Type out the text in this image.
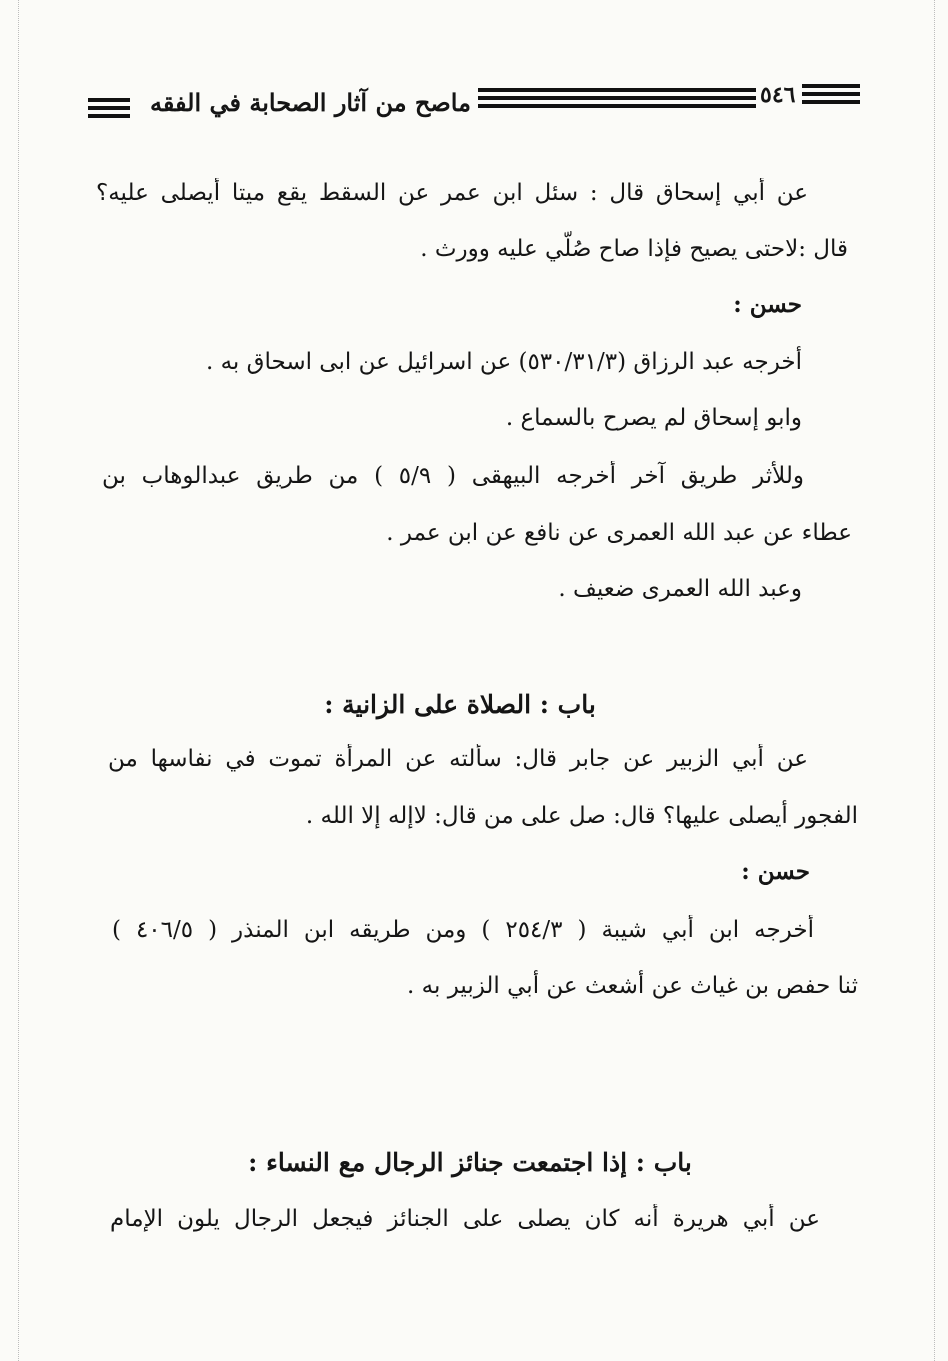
٥٤٦
ماصح من آثار الصحابة في الفقه
عن أبي إسحاق قال : سئل ابن عمر عن السقط يقع ميتا أيصلى عليه؟
قال :لاحتى يصيح فإذا صاح صُلّي عليه وورث .
حسن :
أخرجه عبد الرزاق (٥٣٠/٣١/٣) عن اسرائيل عن ابى اسحاق به .
وابو إسحاق لم يصرح بالسماع .
وللأثر طريق آخر أخرجه البيهقى ( ٥/٩ ) من طريق عبدالوهاب بن
عطاء عن عبد الله العمرى عن نافع عن ابن عمر .
وعبد الله العمرى ضعيف .
باب : الصلاة على الزانية :
عن أبي الزبير عن جابر قال: سألته عن المرأة تموت في نفاسها من
الفجور أيصلى عليها؟ قال: صل على من قال: لاإله إلا الله .
حسن :
أخرجه ابن أبي شيبة ( ٢٥٤/٣ ) ومن طريقه ابن المنذر ( ٤٠٦/٥ )
ثنا حفص بن غياث عن أشعث عن أبي الزبير به .
باب : إذا اجتمعت جنائز الرجال مع النساء :
عن أبي هريرة أنه كان يصلى على الجنائز فيجعل الرجال يلون الإمام
